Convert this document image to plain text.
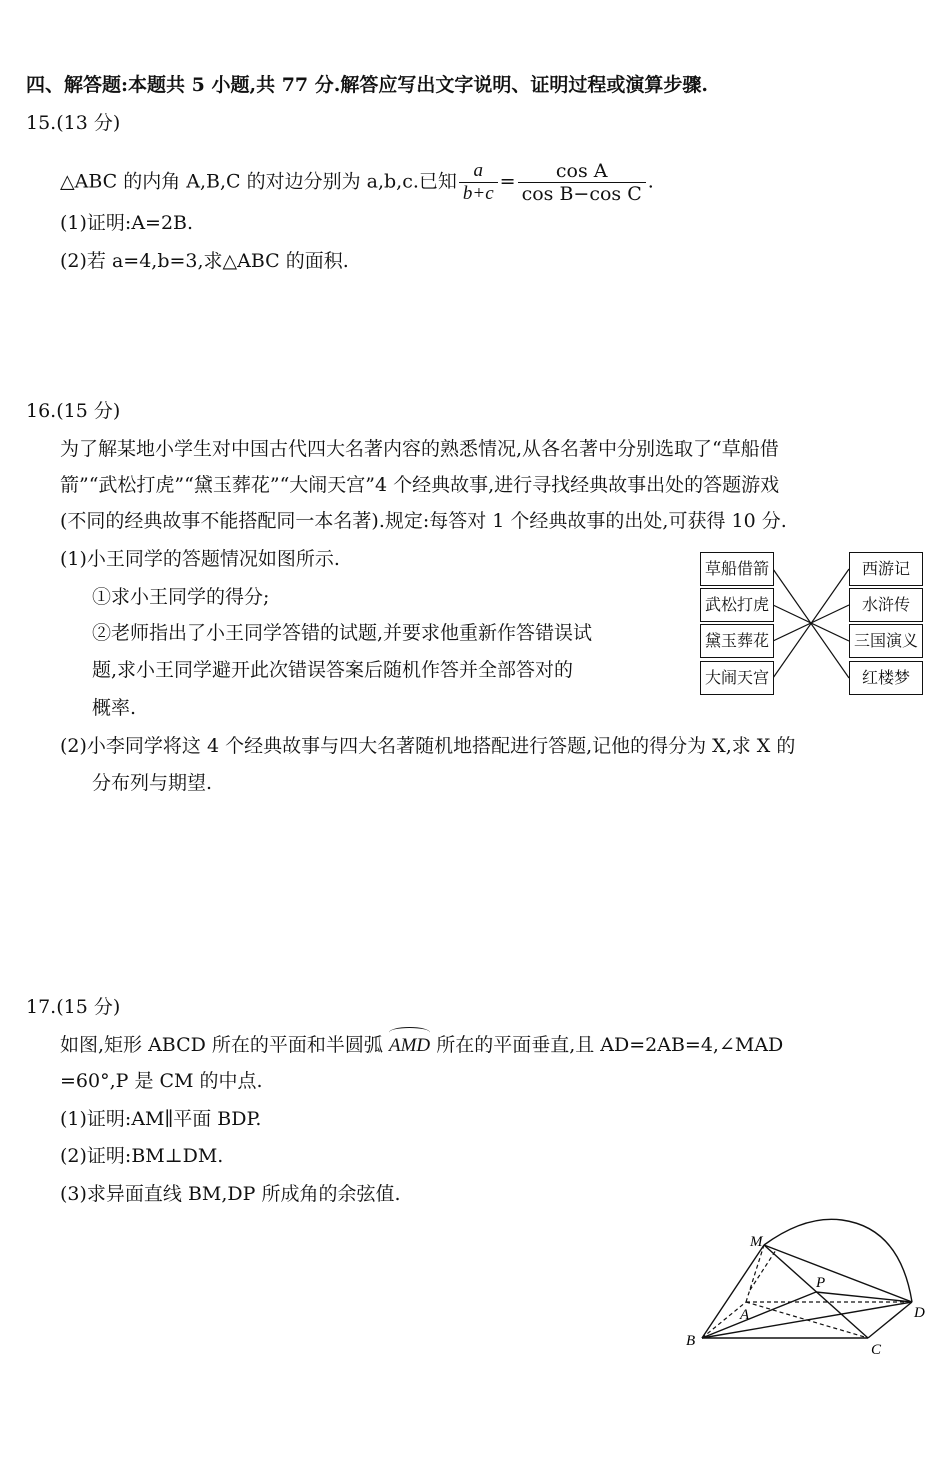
四、解答题:本题共 5 小题,共 77 分.解答应写出文字说明、证明过程或演算步骤.
15.(13 分)
△ABC 的内角 A,B,C 的对边分别为 a,b,c.已知 $\frac{a}{b+c} = \frac{\text{cos A}}{\text{cos B−cos C}}$ .
(1)证明:A=2B.
(2)若 a=4,b=3,求△ABC 的面积.
16.(15 分)
为了解某地小学生对中国古代四大名著内容的熟悉情况,从各名著中分别选取了“草船借
箭”“武松打虎”“黛玉葬花”“大闹天宫”4 个经典故事,进行寻找经典故事出处的答题游戏
(不同的经典故事不能搭配同一本名著).规定:每答对 1 个经典故事的出处,可获得 10 分.
(1)小王同学的答题情况如图所示.
①求小王同学的得分;
②老师指出了小王同学答错的试题,并要求他重新作答错误试
题,求小王同学避开此次错误答案后随机作答并全部答对的
概率.
(2)小李同学将这 4 个经典故事与四大名著随机地搭配进行答题,记他的得分为 X,求 X 的
分布列与期望.
草船借箭
武松打虎
黛玉葬花
大闹天宫
西游记
水浒传
三国演义
红楼梦
17.(15 分)
如图,矩形 ABCD 所在的平面和半圆弧 AMD 所在的平面垂直,且 AD=2AB=4,∠MAD
=60°,P 是 CM 的中点.
(1)证明:AM∥平面 BDP.
(2)证明:BM⊥DM.
(3)求异面直线 BM,DP 所成角的余弦值.
M
P
A	D
B
C
